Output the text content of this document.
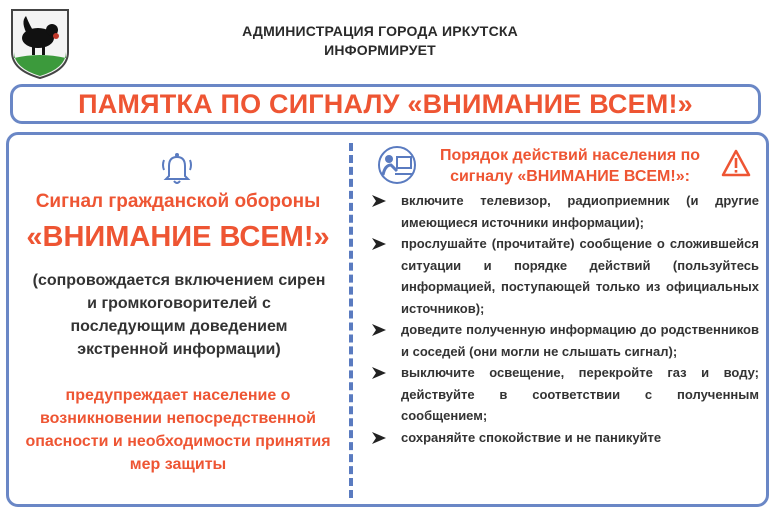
АДМИНИСТРАЦИЯ ГОРОДА ИРКУТСКА
ИНФОРМИРУЕТ
ПАМЯТКА ПО СИГНАЛУ «ВНИМАНИЕ ВСЕМ!»
Сигнал гражданской обороны
«ВНИМАНИЕ ВСЕМ!»
(сопровождается включением сирен и громкоговорителей с последующим доведением экстренной информации)
предупреждает население о возникновении непосредственной опасности и необходимости принятия мер защиты
Порядок действий населения по сигналу «ВНИМАНИЕ ВСЕМ!»:
включите телевизор, радиоприемник (и другие имеющиеся источники информации);
прослушайте (прочитайте) сообщение о сложившейся ситуации и порядке действий (пользуйтесь информацией, поступающей только из официальных источников);
доведите полученную информацию до родственников и соседей (они могли не слышать сигнал);
выключите освещение, перекройте газ и воду; действуйте в соответствии с полученным сообщением;
сохраняйте спокойствие и не паникуйте
